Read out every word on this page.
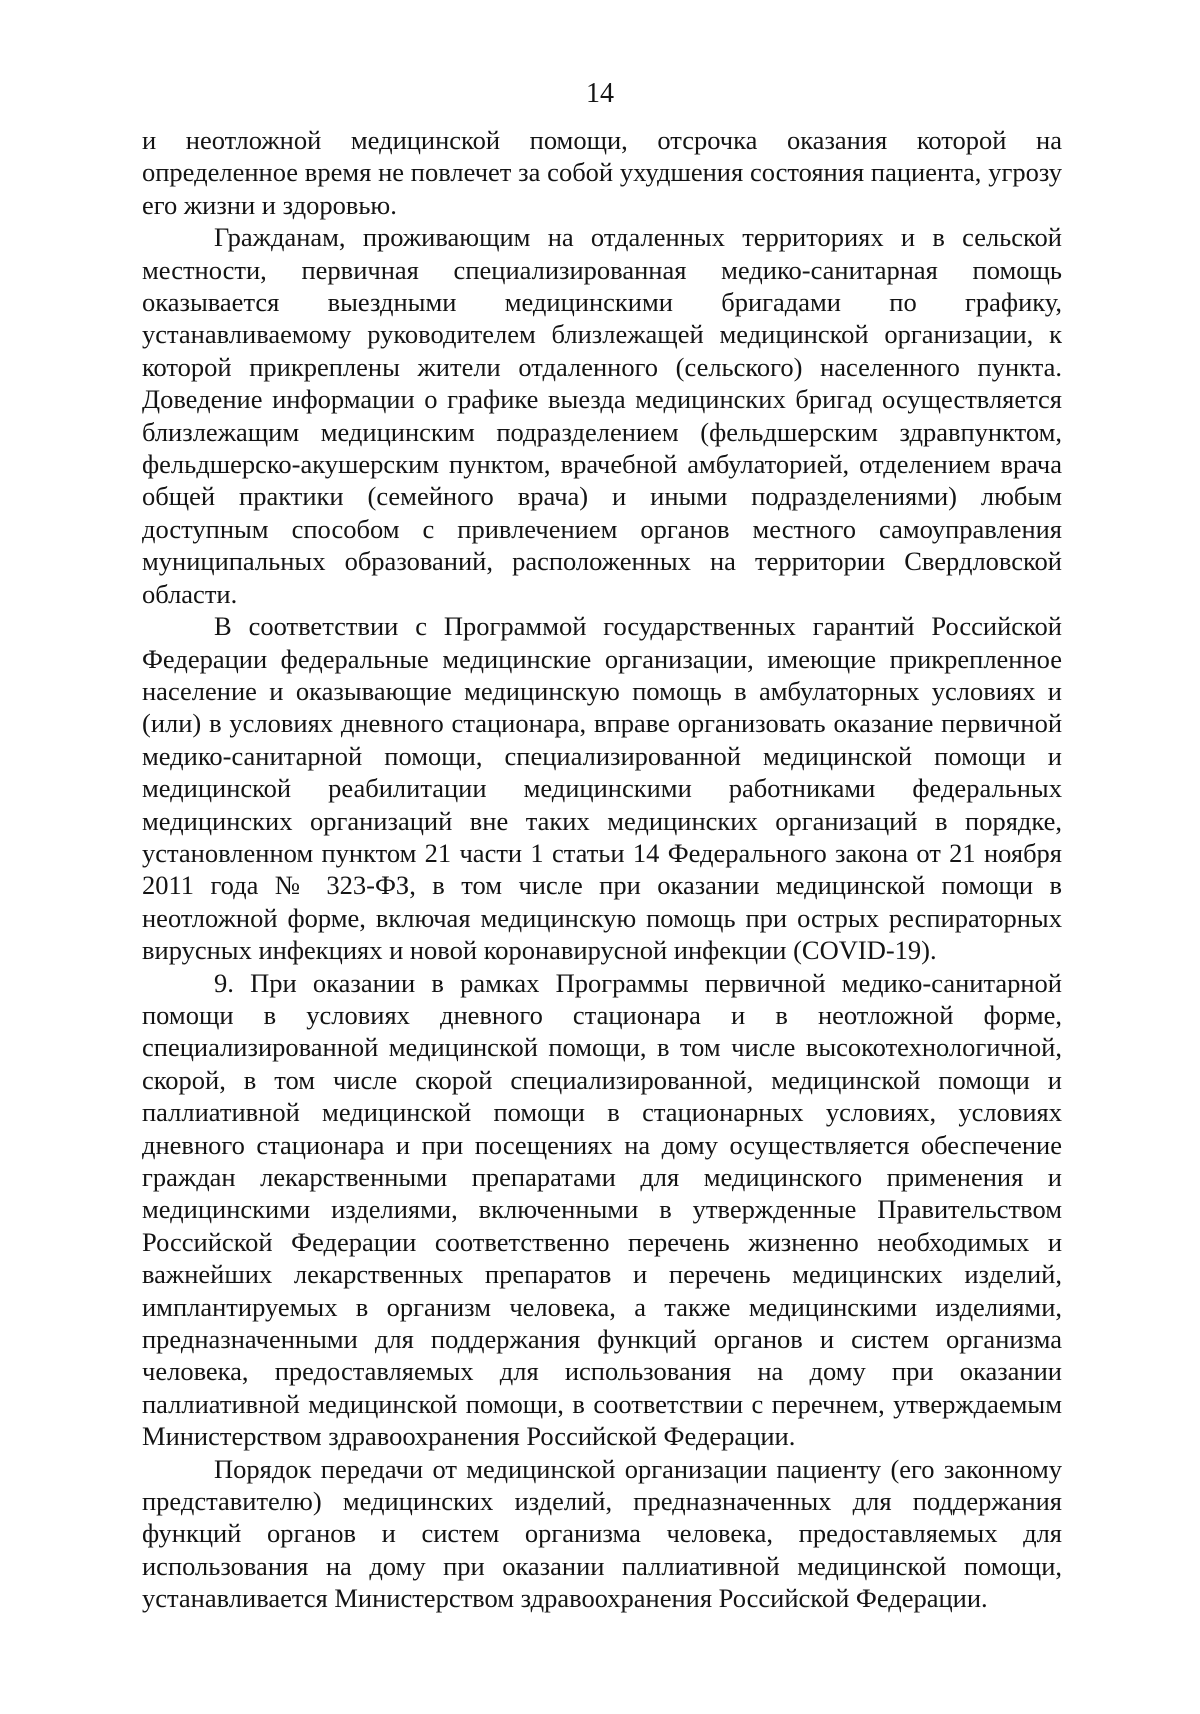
14

и неотложной медицинской помощи, отсрочка оказания которой на определенное время не повлечет за собой ухудшения состояния пациента, угрозу его жизни и здоровью.

Гражданам, проживающим на отдаленных территориях и в сельской местности, первичная специализированная медико-санитарная помощь оказывается выездными медицинскими бригадами по графику, устанавливаемому руководителем близлежащей медицинской организации, к которой прикреплены жители отдаленного (сельского) населенного пункта. Доведение информации о графике выезда медицинских бригад осуществляется близлежащим медицинским подразделением (фельдшерским здравпунктом, фельдшерско-акушерским пунктом, врачебной амбулаторией, отделением врача общей практики (семейного врача) и иными подразделениями) любым доступным способом с привлечением органов местного самоуправления муниципальных образований, расположенных на территории Свердловской области.

В соответствии с Программой государственных гарантий Российской Федерации федеральные медицинские организации, имеющие прикрепленное население и оказывающие медицинскую помощь в амбулаторных условиях и (или) в условиях дневного стационара, вправе организовать оказание первичной медико-санитарной помощи, специализированной медицинской помощи и медицинской реабилитации медицинскими работниками федеральных медицинских организаций вне таких медицинских организаций в порядке, установленном пунктом 21 части 1 статьи 14 Федерального закона от 21 ноября 2011 года № 323-ФЗ, в том числе при оказании медицинской помощи в неотложной форме, включая медицинскую помощь при острых респираторных вирусных инфекциях и новой коронавирусной инфекции (COVID-19).

9. При оказании в рамках Программы первичной медико-санитарной помощи в условиях дневного стационара и в неотложной форме, специализированной медицинской помощи, в том числе высокотехнологичной, скорой, в том числе скорой специализированной, медицинской помощи и паллиативной медицинской помощи в стационарных условиях, условиях дневного стационара и при посещениях на дому осуществляется обеспечение граждан лекарственными препаратами для медицинского применения и медицинскими изделиями, включенными в утвержденные Правительством Российской Федерации соответственно перечень жизненно необходимых и важнейших лекарственных препаратов и перечень медицинских изделий, имплантируемых в организм человека, а также медицинскими изделиями, предназначенными для поддержания функций органов и систем организма человека, предоставляемых для использования на дому при оказании паллиативной медицинской помощи, в соответствии с перечнем, утверждаемым Министерством здравоохранения Российской Федерации.

Порядок передачи от медицинской организации пациенту (его законному представителю) медицинских изделий, предназначенных для поддержания функций органов и систем организма человека, предоставляемых для использования на дому при оказании паллиативной медицинской помощи, устанавливается Министерством здравоохранения Российской Федерации.
